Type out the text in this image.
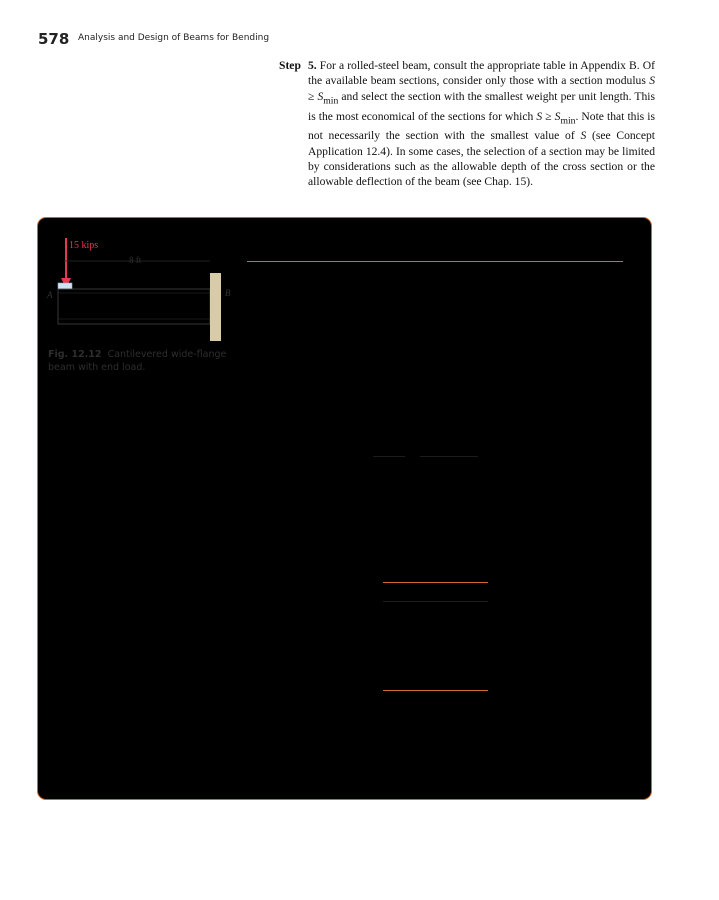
578 Analysis and Design of Beams for Bending
Step 5. For a rolled-steel beam, consult the appropriate table in Appendix B. Of the available beam sections, consider only those with a section modulus $S \ge S_{min}$ and select the section with the smallest weight per unit length. This is the most economical of the sections for which $S \ge S_{min}$. Note that this is not necessarily the section with the smallest value of S (see Concept Application 12.4). In some cases, the selection of a section may be limited by considerations such as the allowable depth of the cross section or the allowable deflection of the beam (see Chap. 15).
15 kips
8 ft
A	B
Fig. 12.12 Cantilevered wide-flange beam with end load.
